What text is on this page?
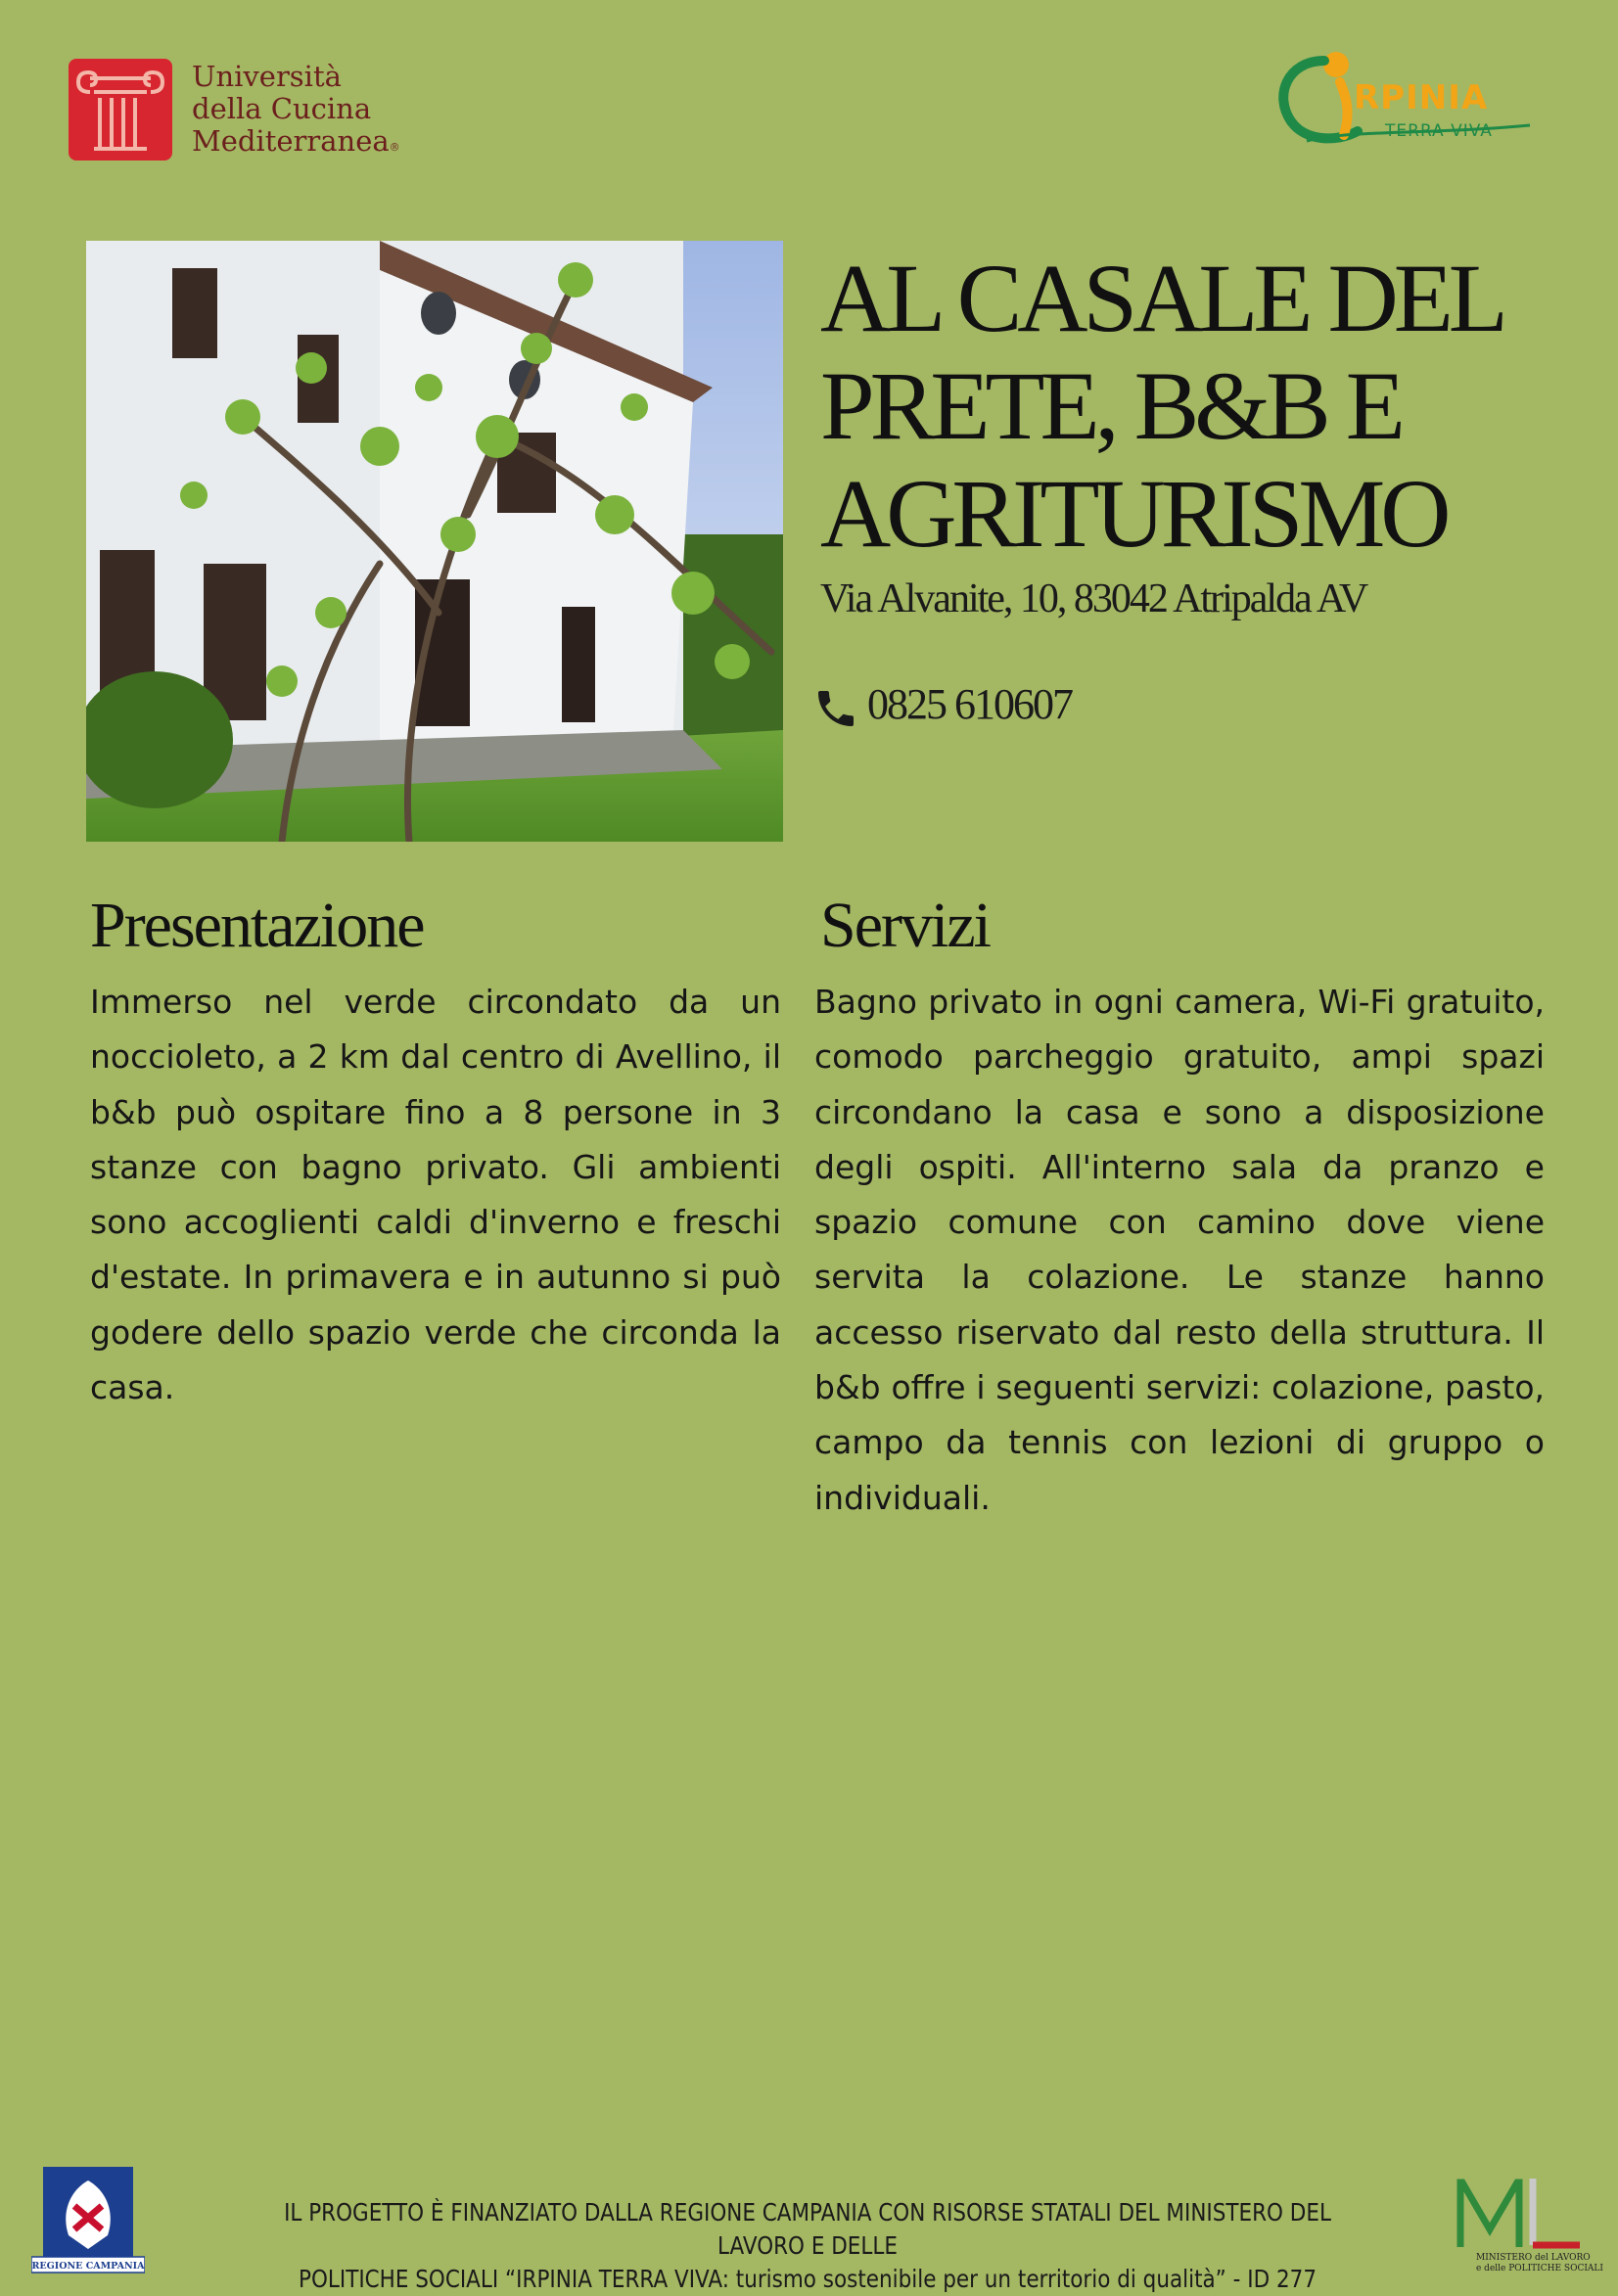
Università
della Cucina
Mediterranea®
RPINIA
TERRA VIVA
AL CASALE DEL
PRETE, B&B E
AGRITURISMO
Via Alvanite, 10, 83042 Atripalda AV
0825 610607
Presentazione

Immerso nel verde circondato da un noccioleto, a 2 km dal centro di Avellino, il b&b può ospitare fino a 8 persone in 3 stanze con bagno privato. Gli ambienti sono accoglienti caldi d'inverno e freschi d'estate. In primavera e in autunno si può godere dello spazio verde che circonda la casa.

Servizi

Bagno privato in ogni camera, Wi-Fi gratuito, comodo parcheggio gratuito, ampi spazi circondano la casa e sono a disposizione degli ospiti. All'interno sala da pranzo e spazio comune con camino dove viene servita la colazione. Le stanze hanno accesso riservato dal resto della struttura. Il b&b offre i seguenti servizi: colazione, pasto, campo da tennis con lezioni di gruppo o individuali.

REGIONE CAMPANIA
IL PROGETTO È FINANZIATO DALLA REGIONE CAMPANIA CON RISORSE STATALI DEL MINISTERO DEL LAVORO E DELLE
POLITICHE SOCIALI “IRPINIA TERRA VIVA: turismo sostenibile per un territorio di qualità” - ID 277
MINISTERO del LAVORO
e delle POLITICHE SOCIALI
